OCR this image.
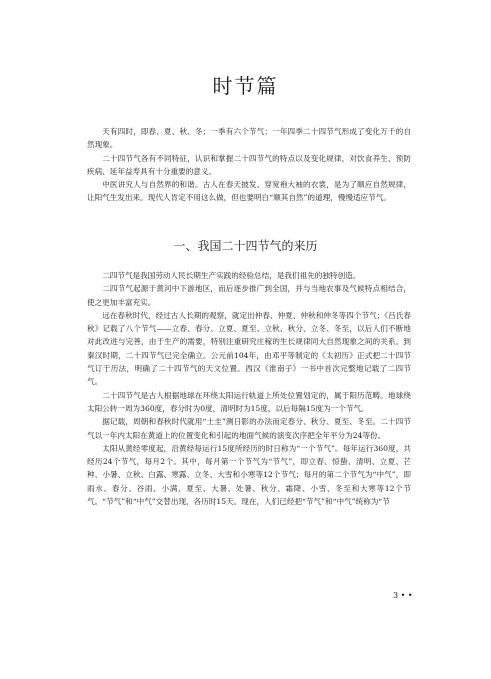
时节篇

天有四时，即春、夏、秋、冬；一季有六个节气；一年四季二十四节气形成了变化万千的自然现象。

二十四节气各有不同特征，认识和掌握二十四节气的特点以及变化规律，对饮食养生、预防疾病、延年益寿具有十分重要的意义。

中医讲究人与自然界的和谐。古人在春天披发、穿宽袍大袖的衣裳，是为了顺应自然规律，让阳气生发出来。现代人肯定不用这么做，但也要明白“顺其自然”的道理，慢慢适应节气。

一、我国二十四节气的来历

二四节气是我国劳动人民长期生产实践的经验总结，是我们祖先的独特创造。

二四节气起源于黄河中下游地区，而后逐步推广到全国，并与当地农事及气候特点相结合，使之更加丰富充实。

远在春秋时代，经过古人长期的观察，就定出仲春、仲夏、仲秋和仲冬等四个节气；《吕氏春秋》记载了八个节气——立春、春分、立夏、夏至、立秋、秋分、立冬、冬至，以后人们不断地对此改进与完善，由于生产的需要，特别注重研究庄稼的生长规律同大自然现象之间的关系。到秦汉时期，二十四节气已完全确立。公元前104年，由邓平等制定的《太初历》正式把二十四节气订于历法，明确了二十四节气的天文位置。西汉《淮南子》一书中首次完整地记载了二四节气。

二十四节气是古人根据地球在环绕太阳运行轨道上所处位置划定的，属于阳历范畴。地球绕太阳公转一周为360度，春分时为0度，清明时为15度，以后每隔15度为一个节气。

据记载，周朝和春秋时代就用“土圭”测日影的办法而定春分、秋分、夏至、冬至。二十四节气以一年内太阳在黄道上的位置变化和引起的地面气候的演变次序把全年平分为24等份。

太阳从黄经零度起，沿黄经每运行15度所经历的时日称为“一个节气”。每年运行360度，共经历24个节气，每月2个。其中，每月第一个节气为“节气”，即立春、惊蛰、清明、立夏、芒种、小暑、立秋、白露、寒露、立冬、大雪和小寒等12个节气；每月的第二个节气为“中气”，即雨水、春分、谷雨、小满、夏至、大暑、处暑、秋分、霜降、小雪、冬至和大寒等12个节气。“节气”和“中气”交替出现，各历时15天。现在，人们已经把“节气”和“中气”统称为“节

3 • •
